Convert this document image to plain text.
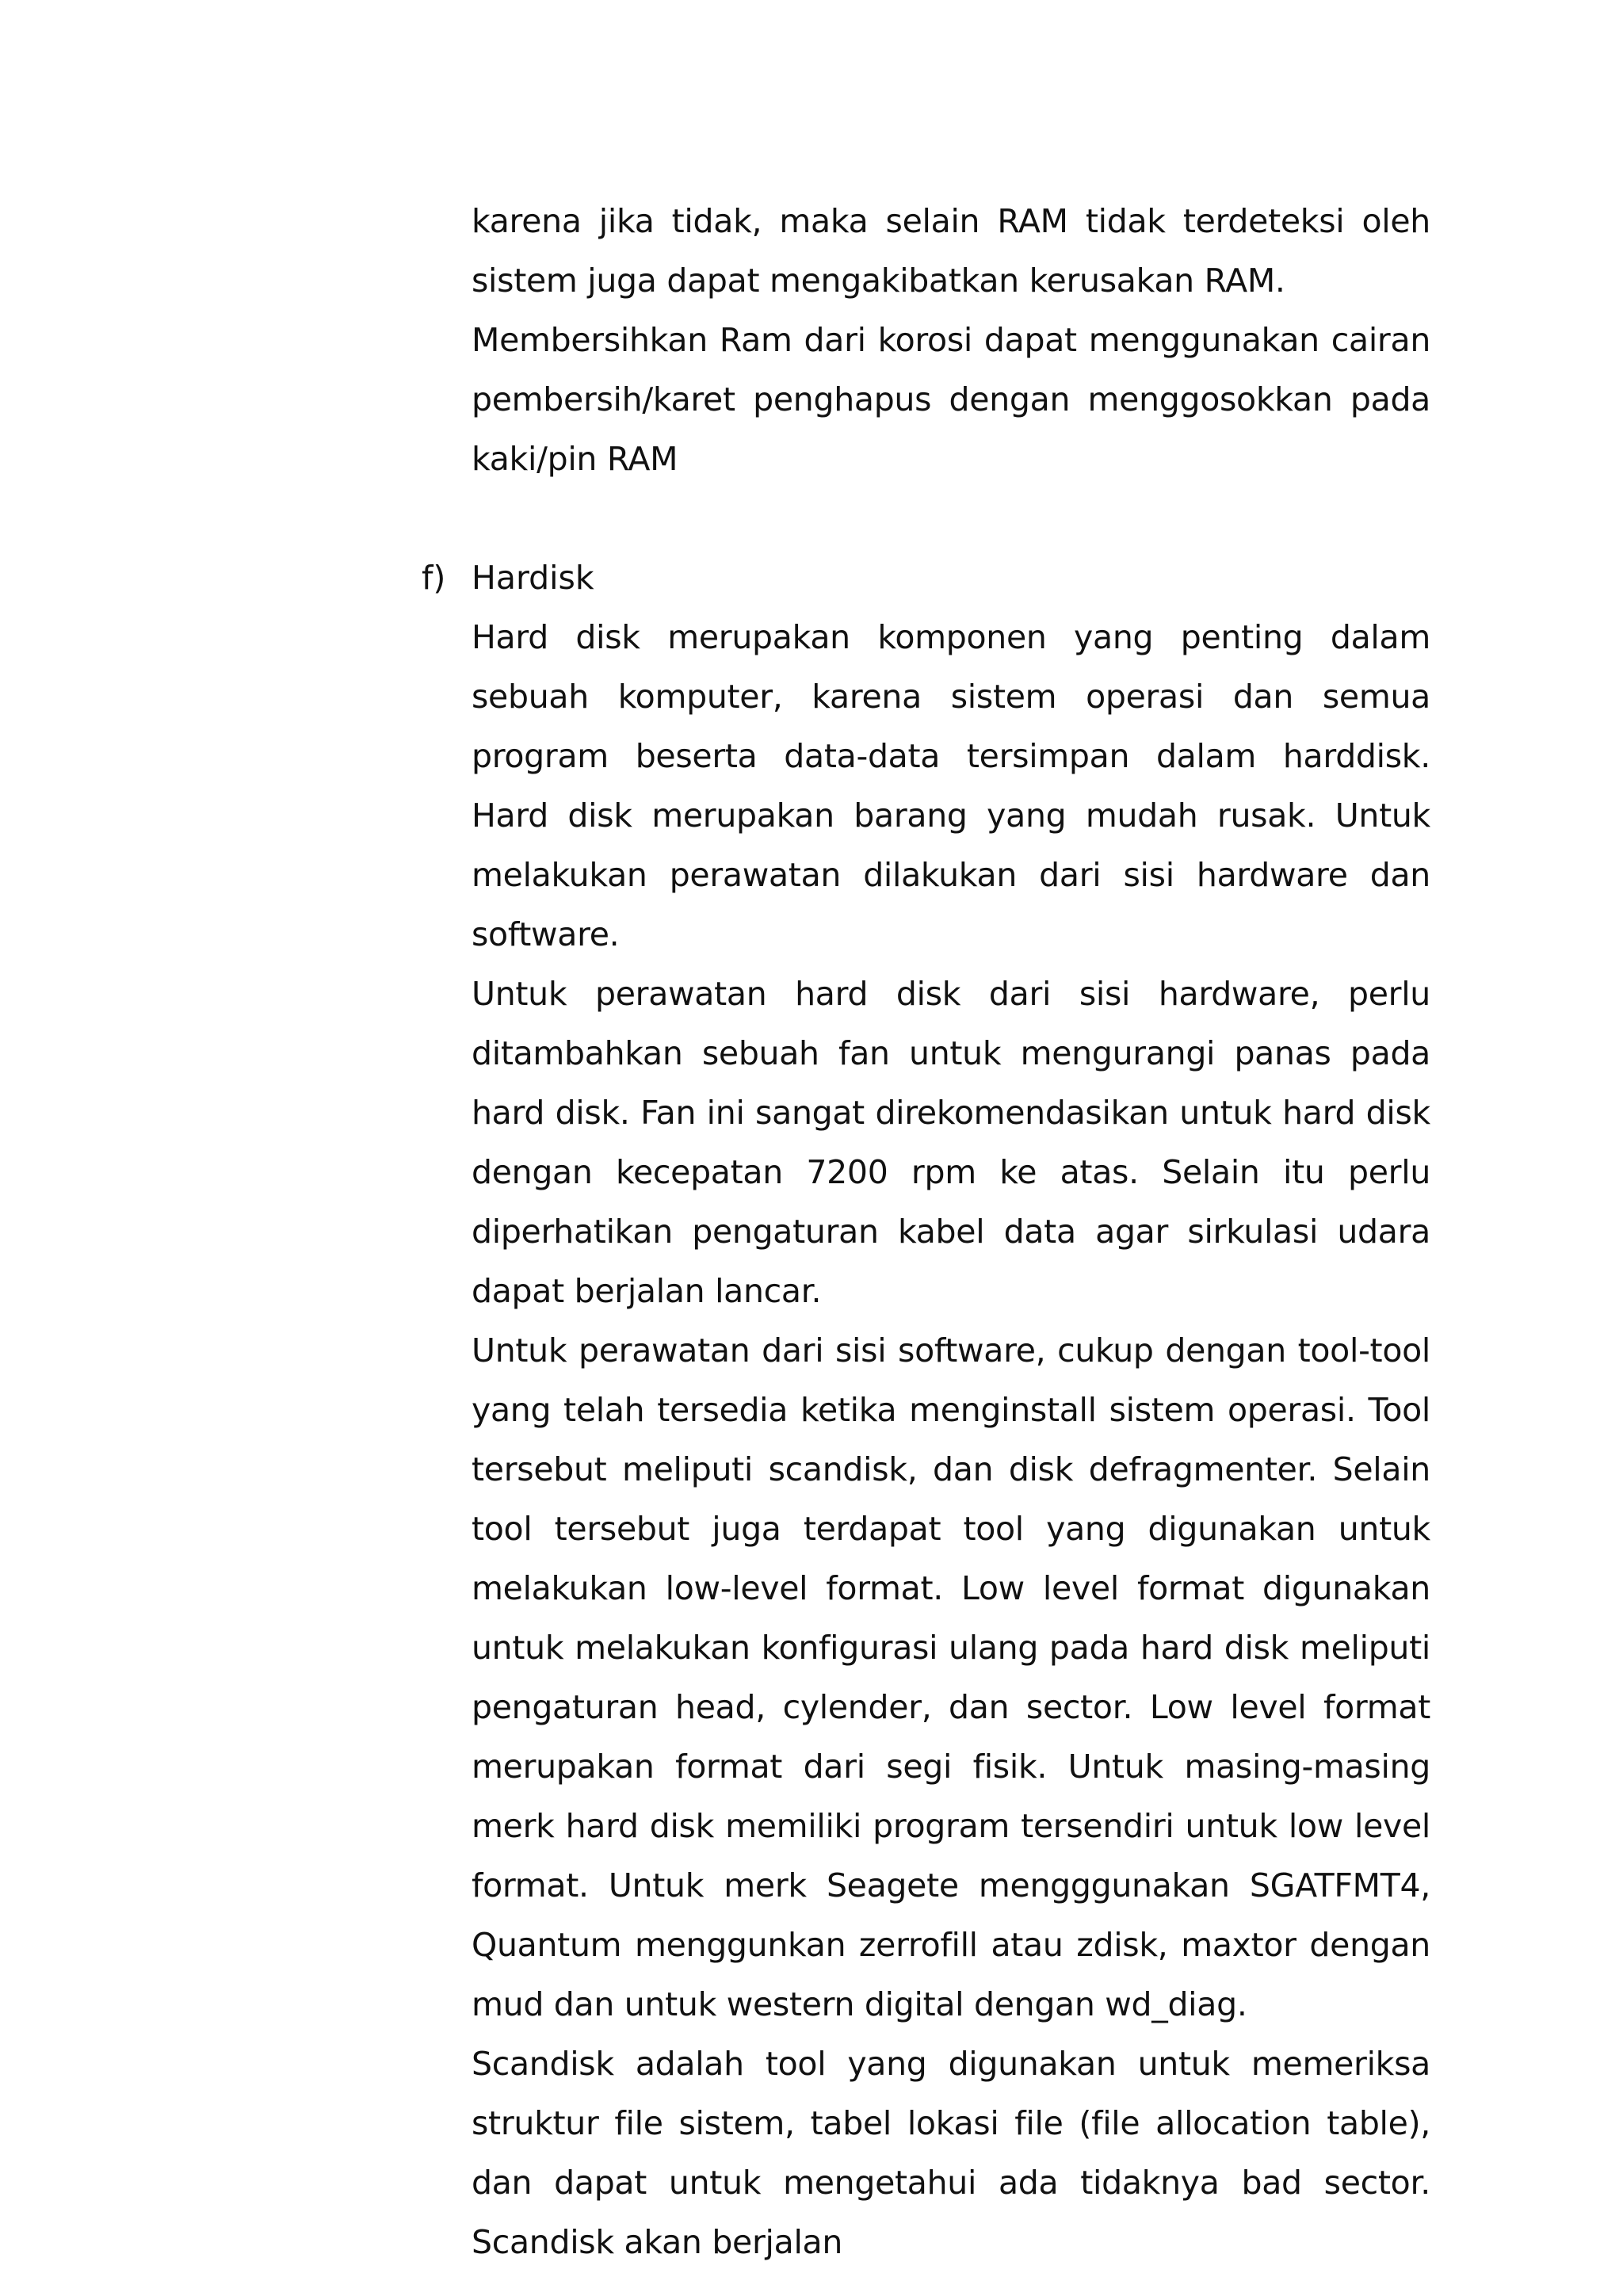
karena jika tidak, maka selain RAM tidak terdeteksi oleh sistem juga dapat mengakibatkan kerusakan RAM.

Membersihkan Ram dari korosi dapat menggunakan cairan pembersih/karet penghapus dengan menggosokkan pada kaki/pin RAM

f) Hardisk

Hard disk merupakan komponen yang penting dalam sebuah komputer, karena sistem operasi dan semua program beserta data-data tersimpan dalam harddisk. Hard disk merupakan barang yang mudah rusak. Untuk melakukan perawatan dilakukan dari sisi hardware dan software.

Untuk perawatan hard disk dari sisi hardware, perlu ditambahkan sebuah fan untuk mengurangi panas pada hard disk. Fan ini sangat direkomendasikan untuk hard disk dengan kecepatan 7200 rpm ke atas. Selain itu perlu diperhatikan pengaturan kabel data agar sirkulasi udara dapat berjalan lancar.

Untuk perawatan dari sisi software, cukup dengan tool-tool yang telah tersedia ketika menginstall sistem operasi. Tool tersebut meliputi scandisk, dan disk defragmenter. Selain tool tersebut juga terdapat tool yang digunakan untuk melakukan low-level format. Low level format digunakan untuk melakukan konfigurasi ulang pada hard disk meliputi pengaturan head, cylender, dan sector. Low level format merupakan format dari segi fisik. Untuk masing-masing merk hard disk memiliki program tersendiri untuk low level format. Untuk merk Seagete mengggunakan SGATFMT4, Quantum menggunkan zerrofill atau zdisk, maxtor dengan mud dan untuk western digital dengan wd_diag.

Scandisk adalah tool yang digunakan untuk memeriksa struktur file sistem, tabel lokasi file (file allocation table), dan dapat untuk mengetahui ada tidaknya bad sector. Scandisk akan berjalan
